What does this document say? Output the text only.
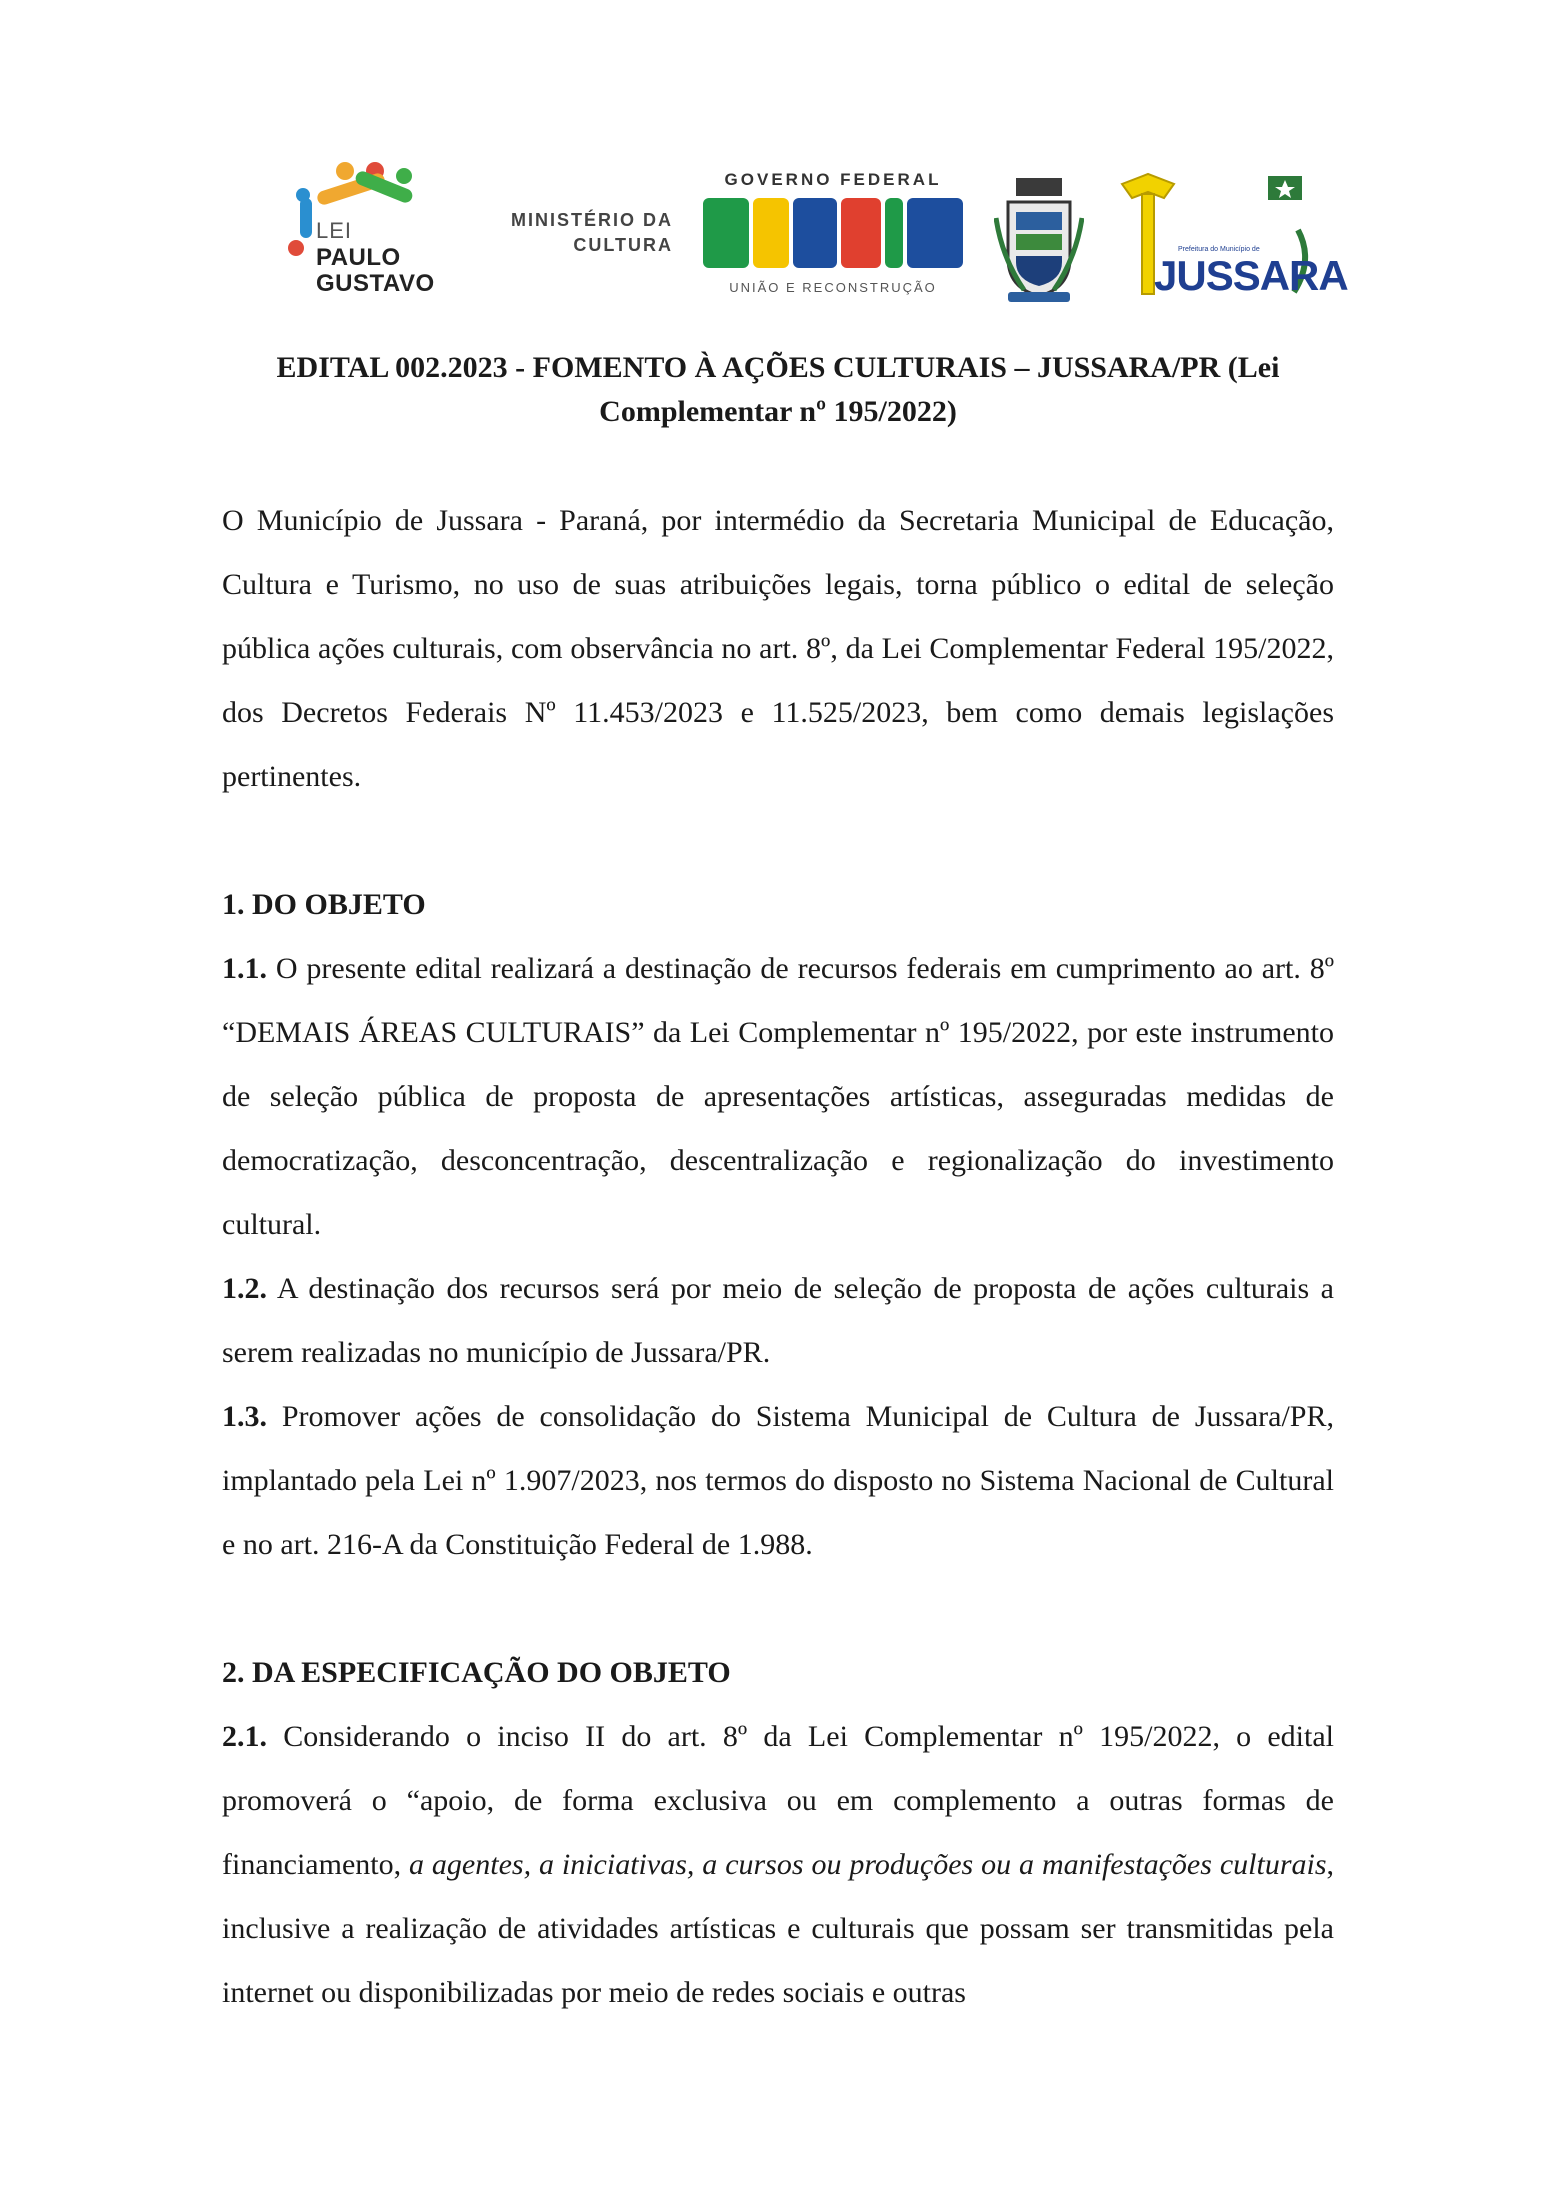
LEI
PAULO
GUSTAVO
MINISTÉRIO DA
CULTURA
GOVERNO FEDERAL
UNIÃO E RECONSTRUÇÃO
Prefeitura do Município de
JUSSARA
EDITAL 002.2023 - FOMENTO À AÇÕES CULTURAIS – JUSSARA/PR (Lei
Complementar nº 195/2022)

O Município de Jussara - Paraná, por intermédio da Secretaria Municipal de Educação, Cultura e Turismo, no uso de suas atribuições legais, torna público o edital de seleção pública ações culturais, com observância no art. 8º, da Lei Complementar Federal 195/2022, dos Decretos Federais Nº 11.453/2023 e 11.525/2023, bem como demais legislações pertinentes.

1. DO OBJETO

1.1. O presente edital realizará a destinação de recursos federais em cumprimento ao art. 8º “DEMAIS ÁREAS CULTURAIS” da Lei Complementar nº 195/2022, por este instrumento de seleção pública de proposta de apresentações artísticas, asseguradas medidas de democratização, desconcentração, descentralização e regionalização do investimento cultural.

1.2. A destinação dos recursos será por meio de seleção de proposta de ações culturais a serem realizadas no município de Jussara/PR.

1.3. Promover ações de consolidação do Sistema Municipal de Cultura de Jussara/PR, implantado pela Lei nº 1.907/2023, nos termos do disposto no Sistema Nacional de Cultural e no art. 216-A da Constituição Federal de 1.988.

2. DA ESPECIFICAÇÃO DO OBJETO

2.1. Considerando o inciso II do art. 8º da Lei Complementar nº 195/2022, o edital promoverá o “apoio, de forma exclusiva ou em complemento a outras formas de financiamento, a agentes, a iniciativas, a cursos ou produções ou a manifestações culturais, inclusive a realização de atividades artísticas e culturais que possam ser transmitidas pela internet ou disponibilizadas por meio de redes sociais e outras
